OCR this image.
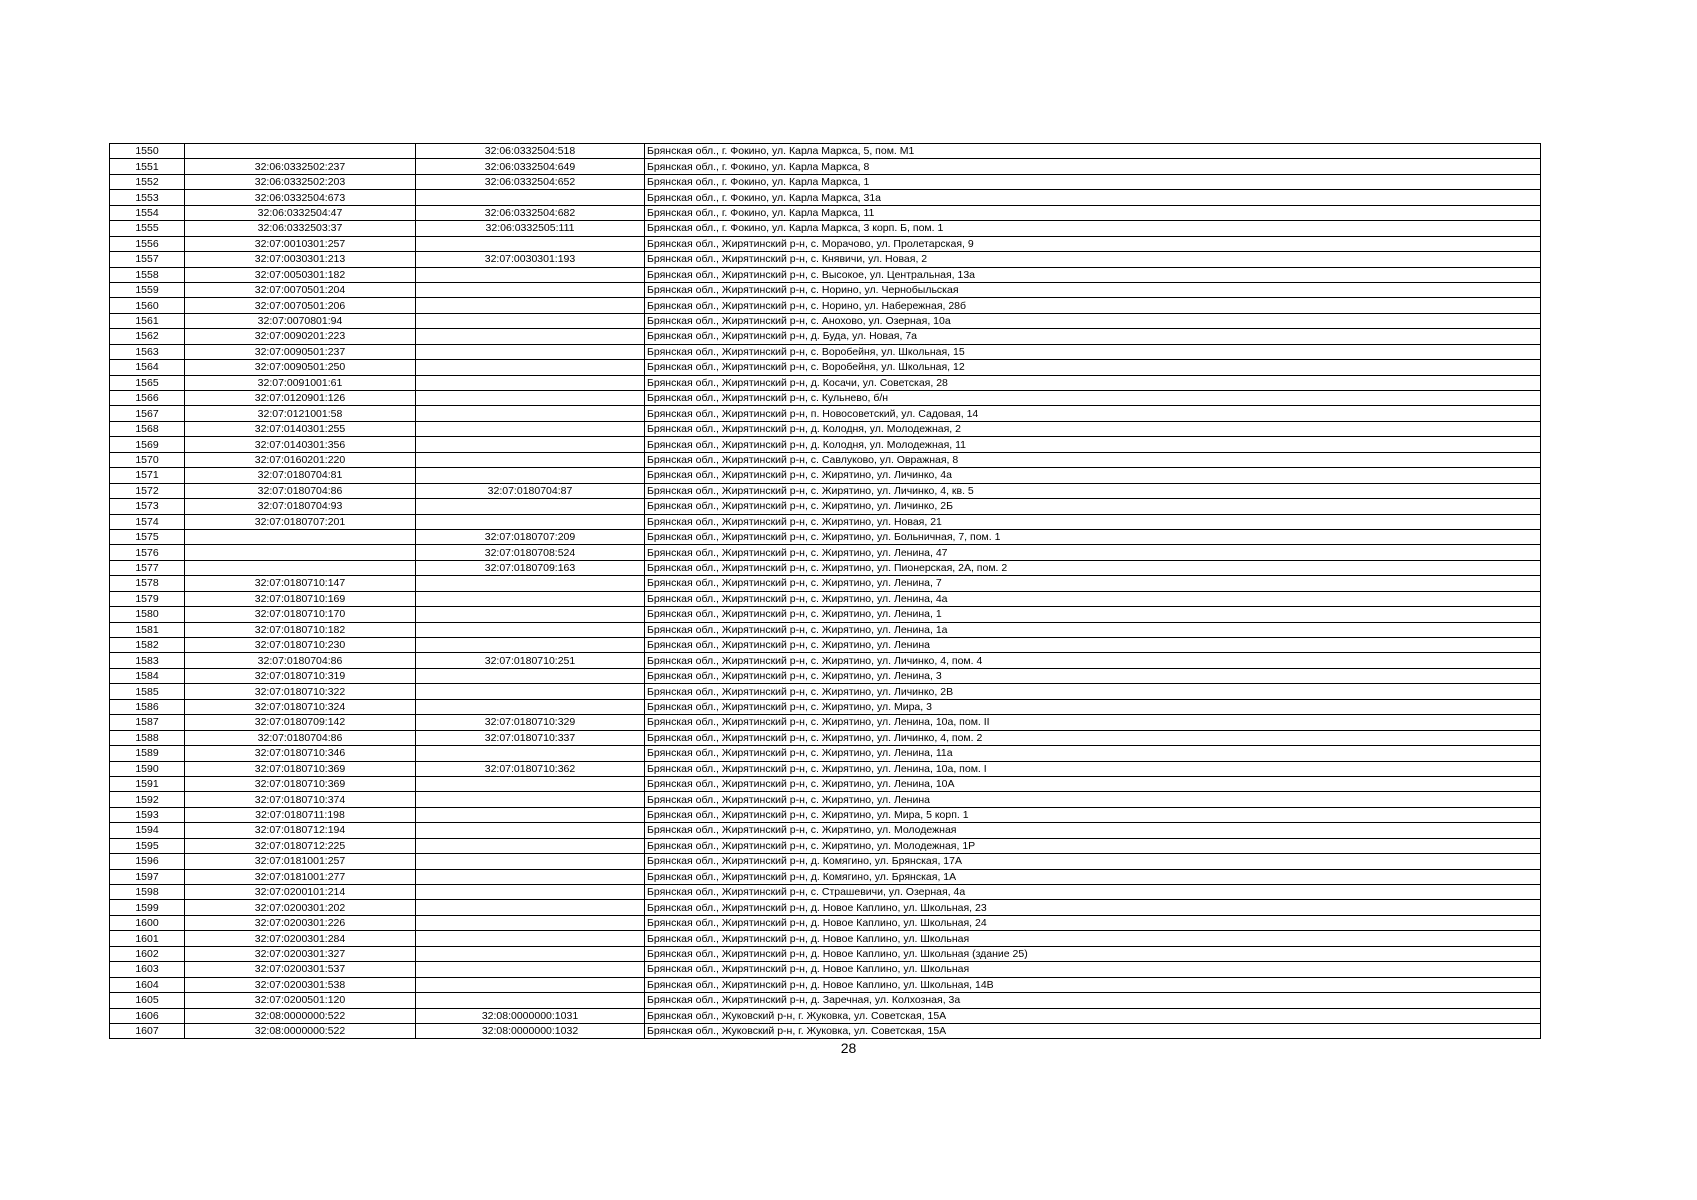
1550		32:06:0332504:518	Брянская обл., г. Фокино, ул. Карла Маркса, 5, пом. М1
1551	32:06:0332502:237	32:06:0332504:649	Брянская обл., г. Фокино, ул. Карла Маркса, 8
1552	32:06:0332502:203	32:06:0332504:652	Брянская обл., г. Фокино, ул. Карла Маркса, 1
1553	32:06:0332504:673		Брянская обл., г. Фокино, ул. Карла Маркса, 31а
1554	32:06:0332504:47	32:06:0332504:682	Брянская обл., г. Фокино, ул. Карла Маркса, 11
1555	32:06:0332503:37	32:06:0332505:111	Брянская обл., г. Фокино, ул. Карла Маркса, 3 корп. Б, пом. 1
1556	32:07:0010301:257		Брянская обл., Жирятинский р-н, с. Морачово, ул. Пролетарская, 9
1557	32:07:0030301:213	32:07:0030301:193	Брянская обл., Жирятинский р-н, с. Княвичи, ул. Новая, 2
1558	32:07:0050301:182		Брянская обл., Жирятинский р-н, с. Высокое, ул. Центральная, 13а
1559	32:07:0070501:204		Брянская обл., Жирятинский р-н, с. Норино, ул. Чернобыльская
1560	32:07:0070501:206		Брянская обл., Жирятинский р-н, с. Норино, ул. Набережная, 28б
1561	32:07:0070801:94		Брянская обл., Жирятинский р-н, с. Анохово, ул. Озерная, 10а
1562	32:07:0090201:223		Брянская обл., Жирятинский р-н, д. Буда, ул. Новая, 7а
1563	32:07:0090501:237		Брянская обл., Жирятинский р-н, с. Воробейня, ул. Школьная, 15
1564	32:07:0090501:250		Брянская обл., Жирятинский р-н, с. Воробейня, ул. Школьная, 12
1565	32:07:0091001:61		Брянская обл., Жирятинский р-н, д. Косачи, ул. Советская, 28
1566	32:07:0120901:126		Брянская обл., Жирятинский р-н, с. Кульнево, б/н
1567	32:07:0121001:58		Брянская обл., Жирятинский р-н, п. Новосоветский, ул. Садовая, 14
1568	32:07:0140301:255		Брянская обл., Жирятинский р-н, д. Колодня, ул. Молодежная, 2
1569	32:07:0140301:356		Брянская обл., Жирятинский р-н, д. Колодня, ул. Молодежная, 11
1570	32:07:0160201:220		Брянская обл., Жирятинский р-н, с. Савлуково, ул. Овражная, 8
1571	32:07:0180704:81		Брянская обл., Жирятинский р-н, с. Жирятино, ул. Личинко, 4а
1572	32:07:0180704:86	32:07:0180704:87	Брянская обл., Жирятинский р-н, с. Жирятино, ул. Личинко, 4, кв. 5
1573	32:07:0180704:93		Брянская обл., Жирятинский р-н, с. Жирятино, ул. Личинко, 2Б
1574	32:07:0180707:201		Брянская обл., Жирятинский р-н, с. Жирятино, ул. Новая, 21
1575		32:07:0180707:209	Брянская обл., Жирятинский р-н, с. Жирятино, ул. Больничная, 7, пом. 1
1576		32:07:0180708:524	Брянская обл., Жирятинский р-н, с. Жирятино, ул. Ленина, 47
1577		32:07:0180709:163	Брянская обл., Жирятинский р-н, с. Жирятино, ул. Пионерская, 2А, пом. 2
1578	32:07:0180710:147		Брянская обл., Жирятинский р-н, с. Жирятино, ул. Ленина, 7
1579	32:07:0180710:169		Брянская обл., Жирятинский р-н, с. Жирятино, ул. Ленина, 4а
1580	32:07:0180710:170		Брянская обл., Жирятинский р-н, с. Жирятино, ул. Ленина, 1
1581	32:07:0180710:182		Брянская обл., Жирятинский р-н, с. Жирятино, ул. Ленина, 1а
1582	32:07:0180710:230		Брянская обл., Жирятинский р-н, с. Жирятино, ул. Ленина
1583	32:07:0180704:86	32:07:0180710:251	Брянская обл., Жирятинский р-н, с. Жирятино, ул. Личинко, 4, пом. 4
1584	32:07:0180710:319		Брянская обл., Жирятинский р-н, с. Жирятино, ул. Ленина, 3
1585	32:07:0180710:322		Брянская обл., Жирятинский р-н, с. Жирятино, ул. Личинко, 2В
1586	32:07:0180710:324		Брянская обл., Жирятинский р-н, с. Жирятино, ул. Мира, 3
1587	32:07:0180709:142	32:07:0180710:329	Брянская обл., Жирятинский р-н, с. Жирятино, ул. Ленина, 10а, пом. II
1588	32:07:0180704:86	32:07:0180710:337	Брянская обл., Жирятинский р-н, с. Жирятино, ул. Личинко, 4, пом. 2
1589	32:07:0180710:346		Брянская обл., Жирятинский р-н, с. Жирятино, ул. Ленина, 11а
1590	32:07:0180710:369	32:07:0180710:362	Брянская обл., Жирятинский р-н, с. Жирятино, ул. Ленина, 10а, пом. I
1591	32:07:0180710:369		Брянская обл., Жирятинский р-н, с. Жирятино, ул. Ленина, 10А
1592	32:07:0180710:374		Брянская обл., Жирятинский р-н, с. Жирятино, ул. Ленина
1593	32:07:0180711:198		Брянская обл., Жирятинский р-н, с. Жирятино, ул. Мира, 5 корп. 1
1594	32:07:0180712:194		Брянская обл., Жирятинский р-н, с. Жирятино, ул. Молодежная
1595	32:07:0180712:225		Брянская обл., Жирятинский р-н, с. Жирятино, ул. Молодежная, 1Р
1596	32:07:0181001:257		Брянская обл., Жирятинский р-н, д. Комягино, ул. Брянская, 17А
1597	32:07:0181001:277		Брянская обл., Жирятинский р-н, д. Комягино, ул. Брянская, 1А
1598	32:07:0200101:214		Брянская обл., Жирятинский р-н, с. Страшевичи, ул. Озерная, 4а
1599	32:07:0200301:202		Брянская обл., Жирятинский р-н, д. Новое Каплино, ул. Школьная, 23
1600	32:07:0200301:226		Брянская обл., Жирятинский р-н, д. Новое Каплино, ул. Школьная, 24
1601	32:07:0200301:284		Брянская обл., Жирятинский р-н, д. Новое Каплино, ул. Школьная
1602	32:07:0200301:327		Брянская обл., Жирятинский р-н, д. Новое Каплино, ул. Школьная (здание 25)
1603	32:07:0200301:537		Брянская обл., Жирятинский р-н, д. Новое Каплино, ул. Школьная
1604	32:07:0200301:538		Брянская обл., Жирятинский р-н, д. Новое Каплино, ул. Школьная, 14В
1605	32:07:0200501:120		Брянская обл., Жирятинский р-н, д. Заречная, ул. Колхозная, 3а
1606	32:08:0000000:522	32:08:0000000:1031	Брянская обл., Жуковский р-н, г. Жуковка, ул. Советская, 15А
1607	32:08:0000000:522	32:08:0000000:1032	Брянская обл., Жуковский р-н, г. Жуковка, ул. Советская, 15А
28
